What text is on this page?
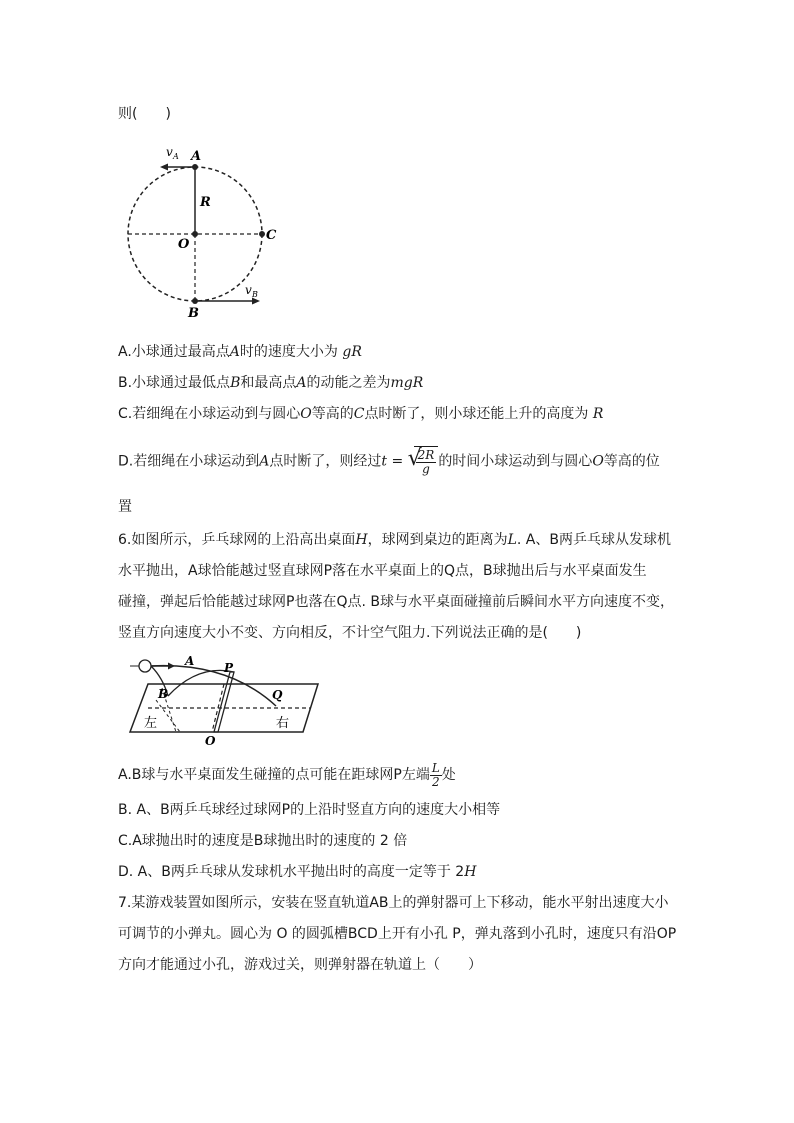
则(　　)
v A A
R
O
C
B
v B
A.小球通过最高点A时的速度大小为 gR
B.小球通过最低点B和最高点A的动能之差为mgR
C.若细绳在小球运动到与圆心O等高的C点时断了，则小球还能上升的高度为 R
D.若细绳在小球运动到A点时断了，则经过t = √
$\frac{2R}{g}$ 的时间小球运动到与圆心O等高的位
置
6.如图所示，乒乓球网的上沿高出桌面H，球网到桌边的距离为L. A、B两乒乓球从发球机
水平抛出，A球恰能越过竖直球网P落在水平桌面上的Q点，B球抛出后与水平桌面发生
碰撞，弹起后恰能越过球网P也落在Q点. B球与水平桌面碰撞前后瞬间水平方向速度不变，
竖直方向速度大小不变、方向相反，不计空气阻力.下列说法正确的是(　　)
A P
B	Q
左	右
O
A.B球与水平桌面发生碰撞的点可能在距球网P左端 $\frac{L}{2}$ 处
B. A、B两乒乓球经过球网P的上沿时竖直方向的速度大小相等
C.A球抛出时的速度是B球抛出时的速度的 2 倍
D. A、B两乒乓球从发球机水平抛出时的高度一定等于 2H
7.某游戏装置如图所示，安装在竖直轨道AB上的弹射器可上下移动，能水平射出速度大小
可调节的小弹丸。圆心为 O 的圆弧槽BCD上开有小孔 P，弹丸落到小孔时，速度只有沿OP
方向才能通过小孔，游戏过关，则弹射器在轨道上（　　）
